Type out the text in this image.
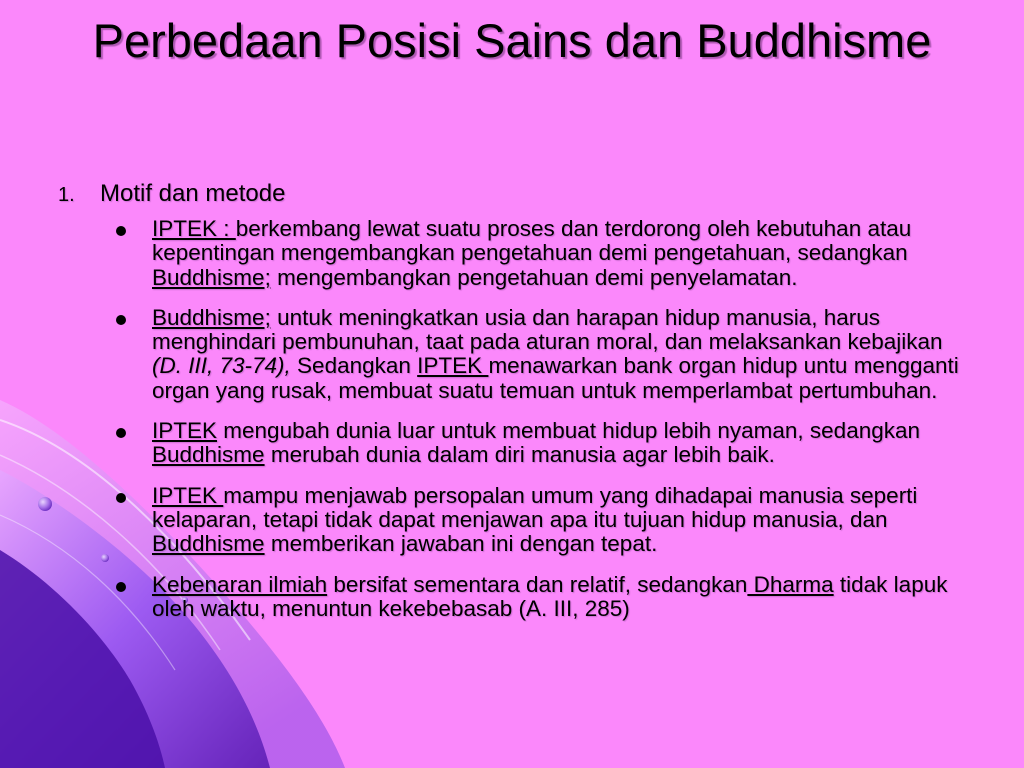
Perbedaan Posisi Sains dan Buddhisme
1.	Motif dan metode
IPTEK : berkembang lewat suatu proses dan terdorong oleh kebutuhan atau kepentingan mengembangkan pengetahuan demi pengetahuan, sedangkan Buddhisme; mengembangkan pengetahuan demi penyelamatan.
Buddhisme; untuk meningkatkan usia dan harapan hidup manusia, harus menghindari pembunuhan, taat pada aturan moral, dan melaksankan kebajikan (D. III, 73-74), Sedangkan IPTEK menawarkan bank organ hidup untu mengganti organ yang rusak, membuat suatu temuan untuk memperlambat pertumbuhan.
IPTEK mengubah dunia luar untuk membuat hidup lebih nyaman, sedangkan Buddhisme merubah dunia dalam diri manusia agar lebih baik.
IPTEK mampu menjawab persopalan umum yang dihadapai manusia seperti kelaparan, tetapi tidak dapat menjawan apa itu tujuan hidup manusia, dan Buddhisme memberikan jawaban ini dengan tepat.
Kebenaran ilmiah bersifat sementara dan relatif, sedangkan Dharma tidak lapuk oleh waktu, menuntun kekebebasab (A. III, 285)
